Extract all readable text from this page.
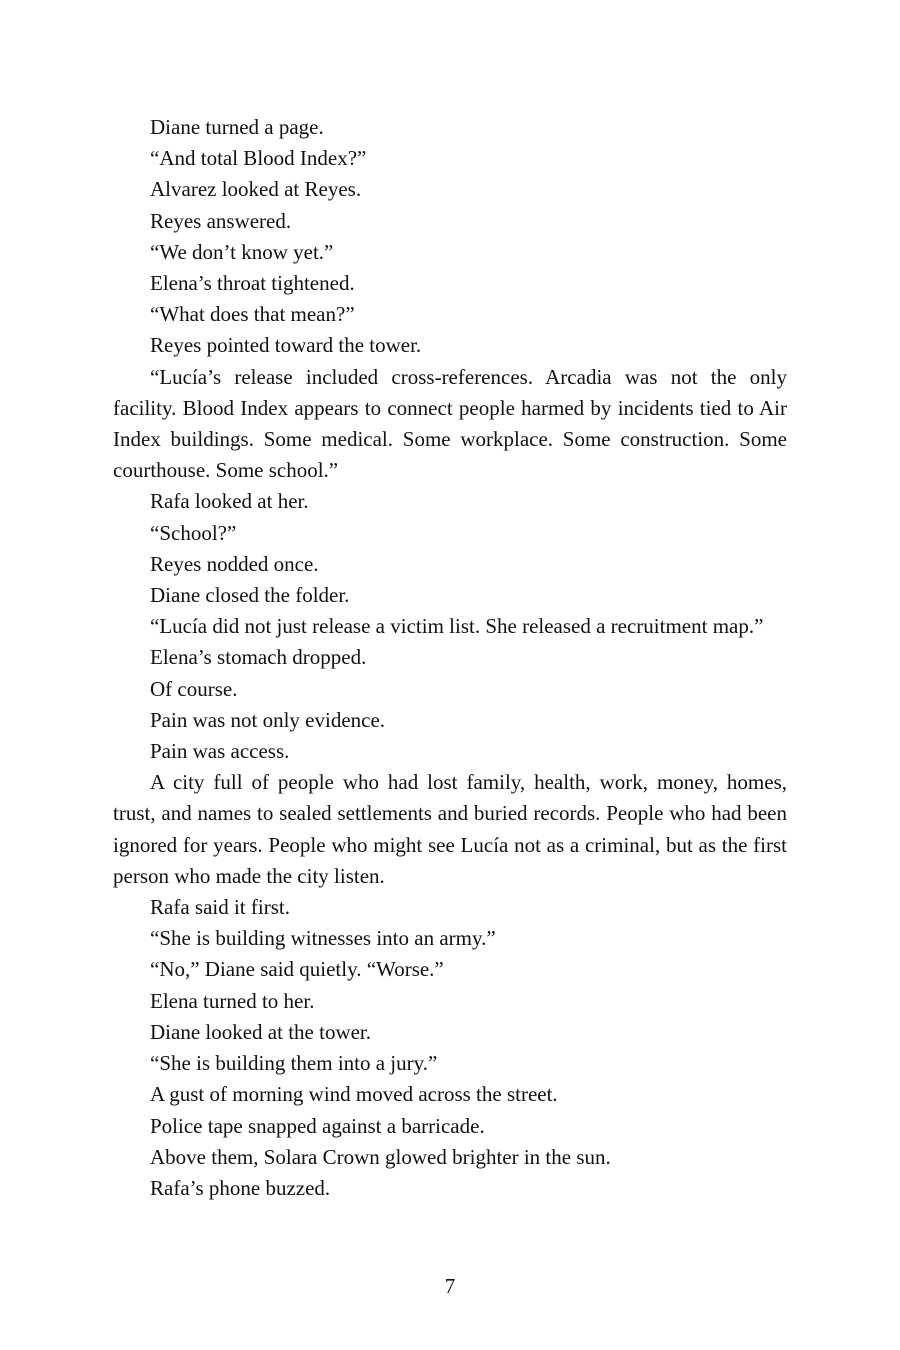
Diane turned a page.

“And total Blood Index?”

Alvarez looked at Reyes.

Reyes answered.

“We don’t know yet.”

Elena’s throat tightened.

“What does that mean?”

Reyes pointed toward the tower.

“Lucía’s release included cross-references. Arcadia was not the only facility. Blood Index appears to connect people harmed by incidents tied to Air Index buildings. Some medical. Some workplace. Some construction. Some courthouse. Some school.”

Rafa looked at her.

“School?”

Reyes nodded once.

Diane closed the folder.

“Lucía did not just release a victim list. She released a recruitment map.”

Elena’s stomach dropped.

Of course.

Pain was not only evidence.

Pain was access.

A city full of people who had lost family, health, work, money, homes, trust, and names to sealed settlements and buried records. People who had been ignored for years. People who might see Lucía not as a criminal, but as the first person who made the city listen.

Rafa said it first.

“She is building witnesses into an army.”

“No,” Diane said quietly. “Worse.”

Elena turned to her.

Diane looked at the tower.

“She is building them into a jury.”

A gust of morning wind moved across the street.

Police tape snapped against a barricade.

Above them, Solara Crown glowed brighter in the sun.

Rafa’s phone buzzed.

7
